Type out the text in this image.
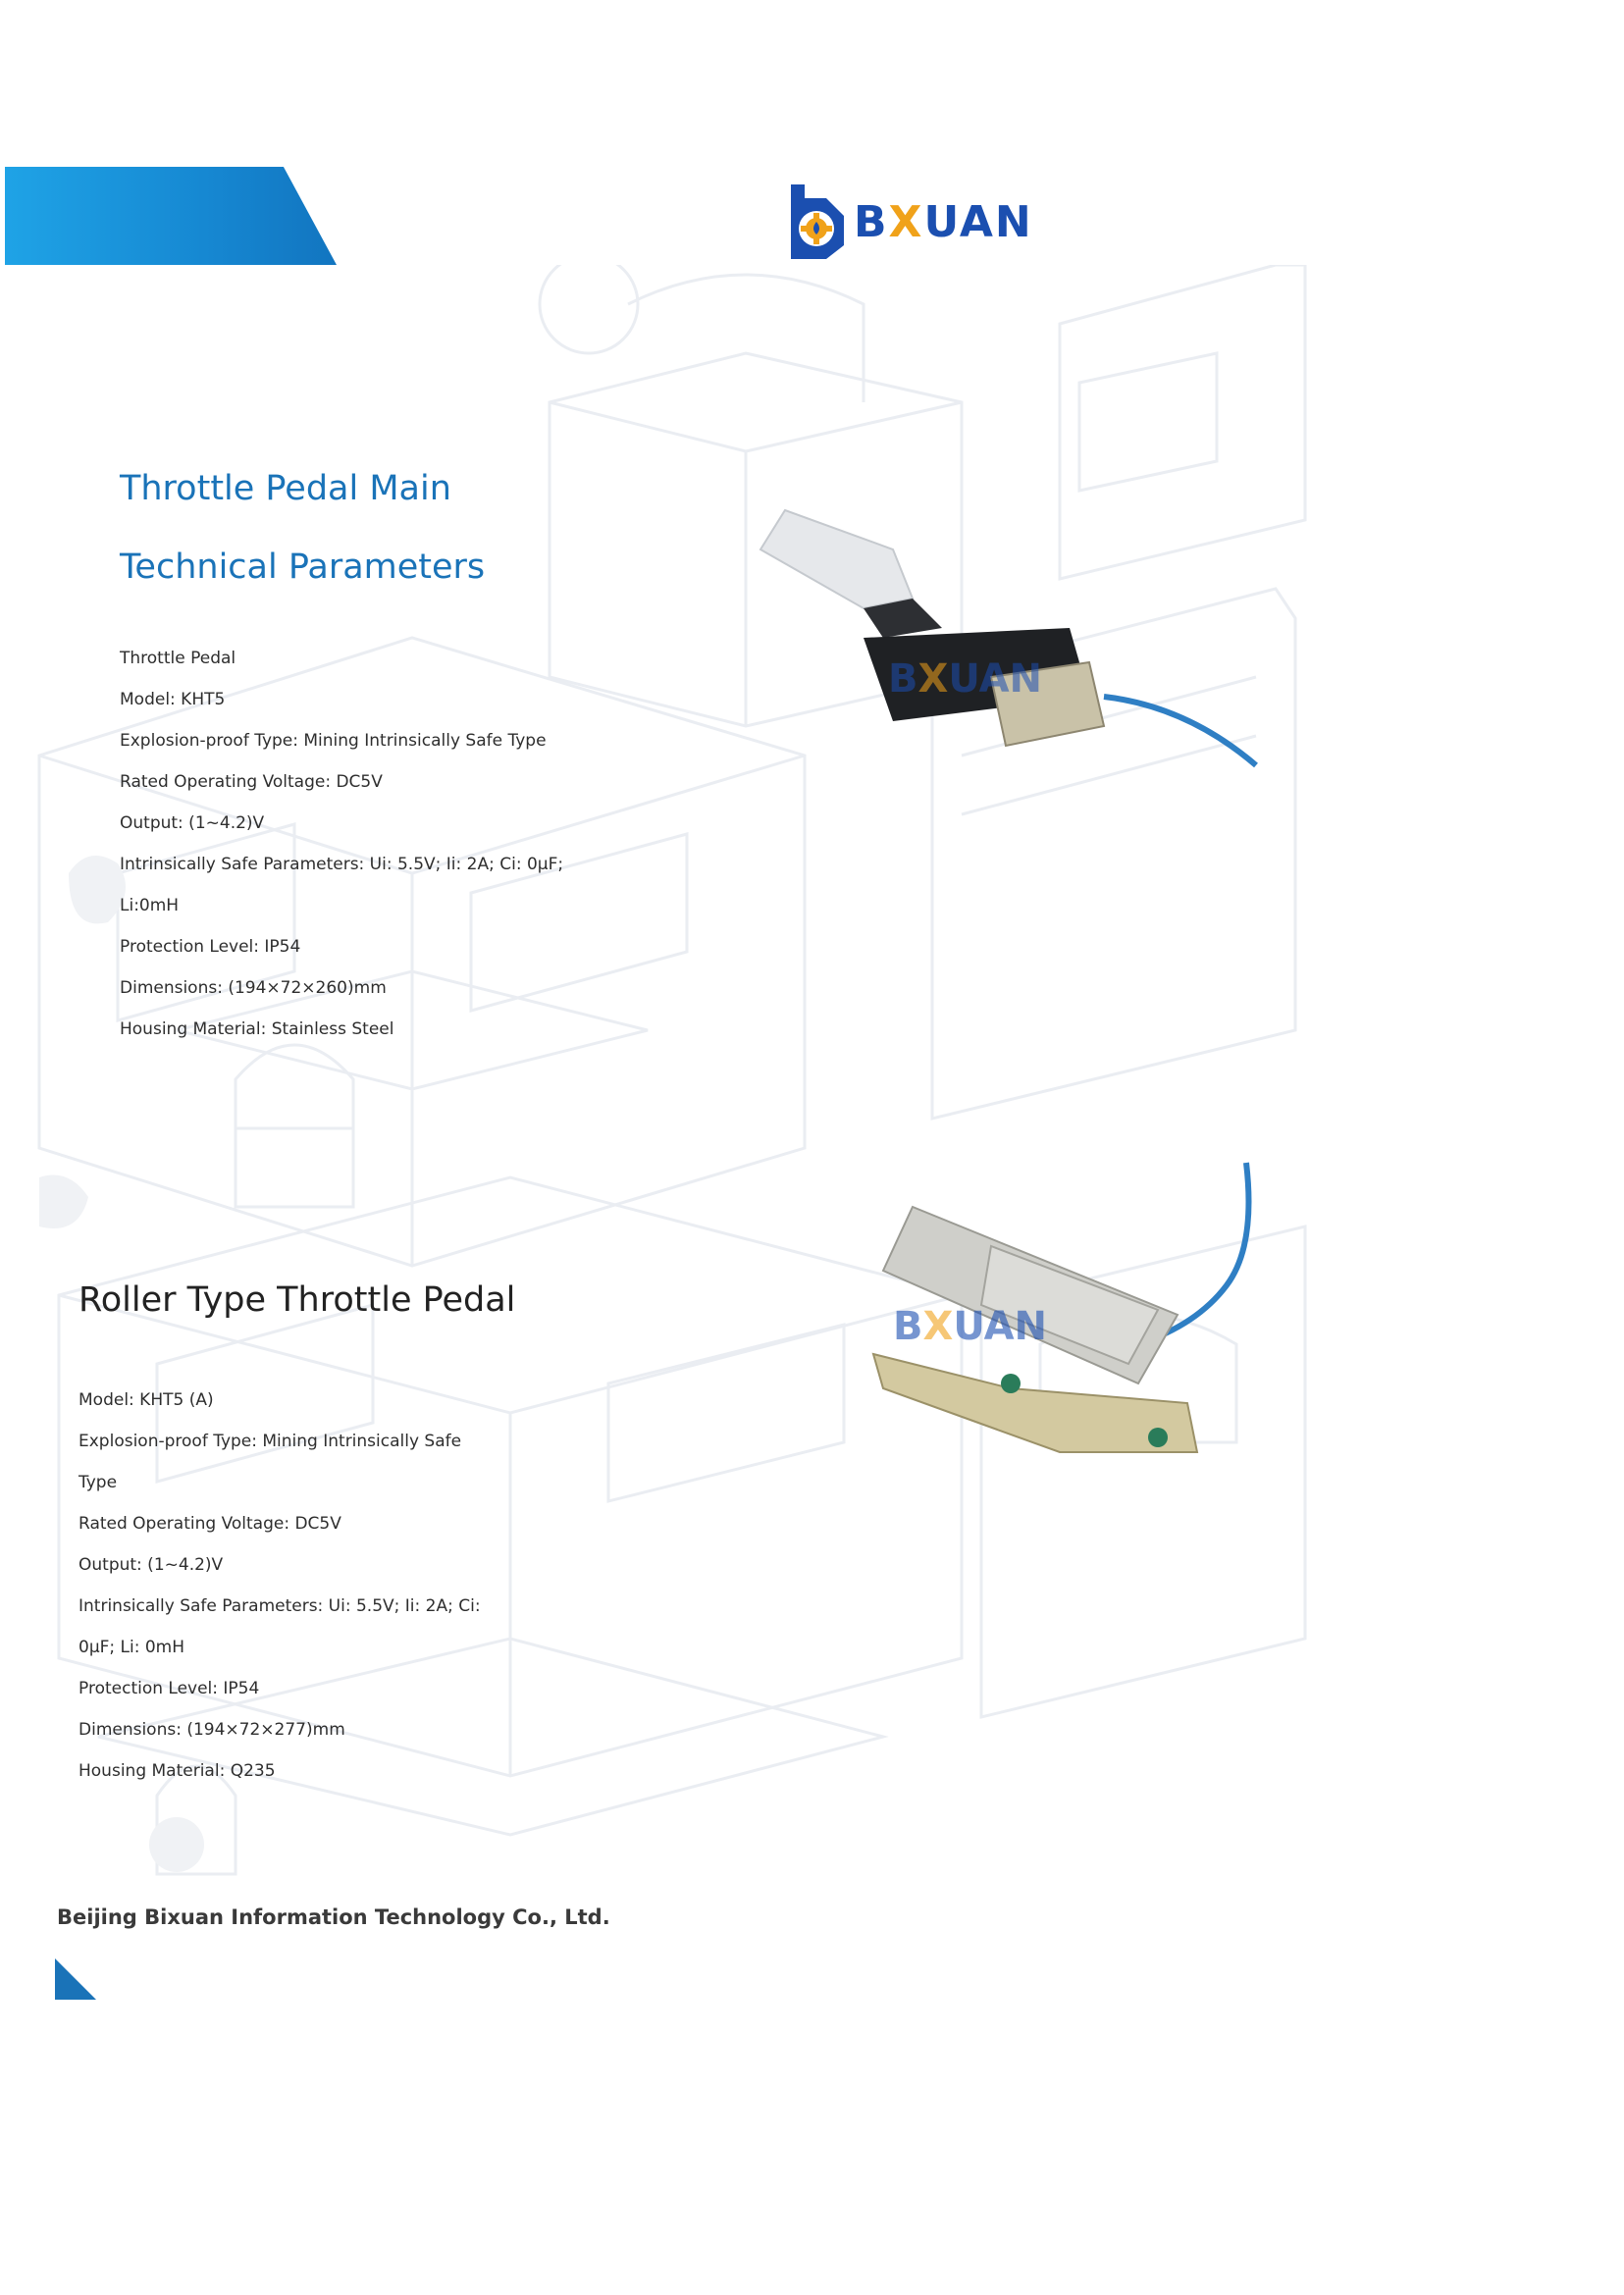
BXUAN
Throttle Pedal Main
Technical Parameters
Throttle Pedal
Model: KHT5
Explosion-proof Type: Mining Intrinsically Safe Type
Rated Operating Voltage: DC5V
Output: (1~4.2)V
Intrinsically Safe Parameters: Ui: 5.5V; Ii: 2A; Ci: 0μF;
Li:0mH
Protection Level: IP54
Dimensions: (194×72×260)mm
Housing Material: Stainless Steel
BXUAN
Roller Type Throttle Pedal
Model: KHT5 (A)
Explosion-proof Type: Mining Intrinsically Safe
Type
Rated Operating Voltage: DC5V
Output: (1~4.2)V
Intrinsically Safe Parameters: Ui: 5.5V; Ii: 2A; Ci:
0μF; Li: 0mH
Protection Level: IP54
Dimensions: (194×72×277)mm
Housing Material: Q235
BXUAN

Beijing Bixuan Information Technology Co., Ltd.
